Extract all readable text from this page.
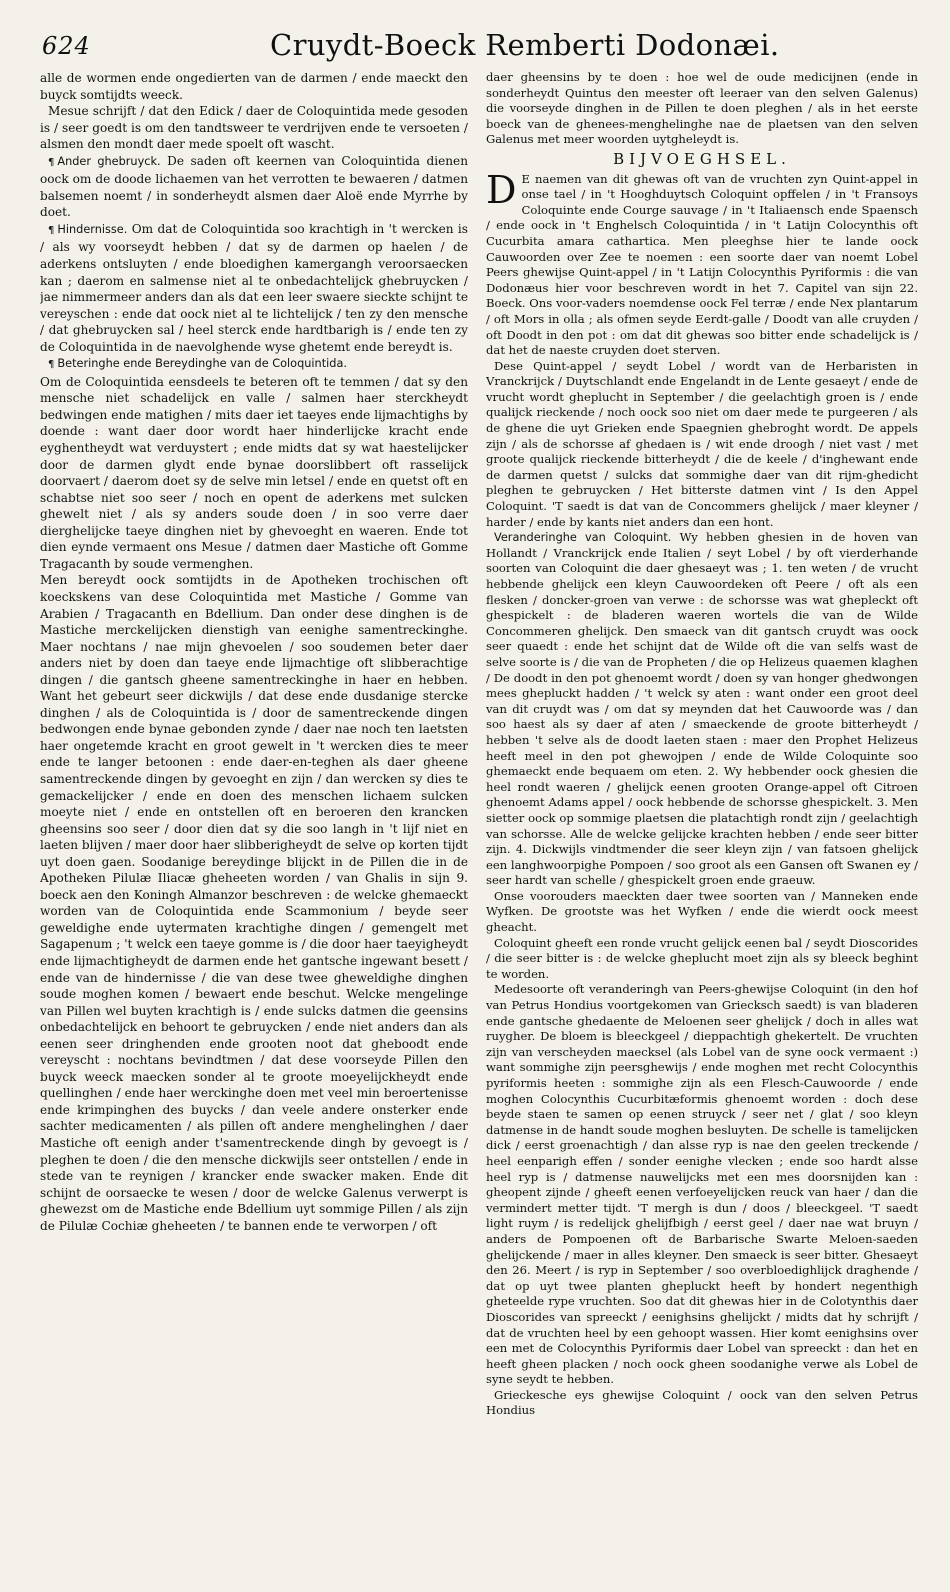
624	Cruydt-Boeck Remberti Dodonæi.

alle de wormen ende ongedierten van de darmen / ende maeckt den buyck somtijdts weeck.

Mesue schrijft / dat den Edick / daer de Coloquintida mede gesoden is / seer goedt is om den tandtsweer te verdrijven ende te versoeten / alsmen den mondt daer mede spoelt oft wascht.

¶ Ander ghebruyck. De saden oft keernen van Coloquintida dienen oock om de doode lichaemen van het verrotten te bewaeren / datmen balsemen noemt / in sonderheydt alsmen daer Aloë ende Myrrhe by doet.

¶ Hindernisse. Om dat de Coloquintida soo krachtigh in 't wercken is / als wy voorseydt hebben / dat sy de darmen op haelen / de aderkens ontsluyten / ende bloedighen kamergangh veroorsaecken kan ; daerom en salmense niet al te onbedachtelijck ghebruycken / jae nimmermeer anders dan als dat een leer swaere sieckte schijnt te vereyschen : ende dat oock niet al te lichtelijck / ten zy den mensche / dat ghebruycken sal / heel sterck ende hardtbarigh is / ende ten zy de Coloquintida in de naevolghende wyse ghetemt ende bereydt is.

¶ Beteringhe ende Bereydinghe van de Coloquintida.

Om de Coloquintida eensdeels te beteren oft te temmen / dat sy den mensche niet schadelijck en valle / salmen haer sterckheydt bedwingen ende matighen / mits daer iet taeyes ende lijmachtighs by doende : want daer door wordt haer hinderlijcke kracht ende eyghentheydt wat verduystert ; ende midts dat sy wat haestelijcker door de darmen glydt ende bynae doorslibbert oft rasselijck doorvaert / daerom doet sy de selve min letsel / ende en quetst oft en schabtse niet soo seer / noch en opent de aderkens met sulcken ghewelt niet / als sy anders soude doen / in soo verre daer dierghelijcke taeye dinghen niet by ghevoeght en waeren. Ende tot dien eynde vermaent ons Mesue / datmen daer Mastiche oft Gomme Tragacanth by soude vermenghen.

Men bereydt oock somtijdts in de Apotheken trochischen oft koeckskens van dese Coloquintida met Mastiche / Gomme van Arabien / Tragacanth en Bdellium. Dan onder dese dinghen is de Mastiche merckelijcken dienstigh van eenighe samentreckinghe. Maer nochtans / nae mijn ghevoelen / soo soudemen beter daer anders niet by doen dan taeye ende lijmachtige oft slibberachtige dingen / die gantsch gheene samentreckinghe in haer en hebben. Want het gebeurt seer dickwijls / dat dese ende dusdanige stercke dinghen / als de Coloquintida is / door de samentreckende dingen bedwongen ende bynae gebonden zynde / daer nae noch ten laetsten haer ongetemde kracht en groot gewelt in 't wercken dies te meer ende te langer betoonen : ende daer-en-teghen als daer gheene samentreckende dingen by gevoeght en zijn / dan wercken sy dies te gemackelijcker / ende en doen des menschen lichaem sulcken moeyte niet / ende en ontstellen oft en beroeren den krancken gheensins soo seer / door dien dat sy die soo langh in 't lijf niet en laeten blijven / maer door haer slibberigheydt de selve op korten tijdt uyt doen gaen. Soodanige bereydinge blijckt in de Pillen die in de Apotheken Pilulæ Iliacæ gheheeten worden / van Ghalis in sijn 9. boeck aen den Koningh Almanzor beschreven : de welcke ghemaeckt worden van de Coloquintida ende Scammonium / beyde seer geweldighe ende uytermaten krachtighe dingen / gemengelt met Sagapenum ; 't welck een taeye gomme is / die door haer taeyigheydt ende lijmachtigheydt de darmen ende het gantsche ingewant besett / ende van de hindernisse / die van dese twee gheweldighe dinghen soude moghen komen / bewaert ende beschut. Welcke mengelinge van Pillen wel buyten krachtigh is / ende sulcks datmen die geensins onbedachtelijck en behoort te gebruycken / ende niet anders dan als eenen seer dringhenden ende grooten noot dat gheboodt ende vereyscht : nochtans bevindtmen / dat dese voorseyde Pillen den buyck weeck maecken sonder al te groote moeyelijckheydt ende quellinghen / ende haer werckinghe doen met veel min beroertenisse ende krimpinghen des buycks / dan veele andere onsterker ende sachter medicamenten / als pillen oft andere menghelinghen / daer Mastiche oft eenigh ander t'samentreckende dingh by gevoegt is / pleghen te doen / die den mensche dickwijls seer ontstellen / ende in stede van te reynigen / krancker ende swacker maken. Ende dit schijnt de oorsaecke te wesen / door de welcke Galenus verwerpt is ghewezst om de Mastiche ende Bdellium uyt sommige Pillen / als zijn de Pilulæ Cochiæ gheheeten / te bannen ende te verworpen / oft

daer gheensins by te doen : hoe wel de oude medicijnen (ende in sonderheydt Quintus den meester oft leeraer van den selven Galenus) die voorseyde dinghen in de Pillen te doen pleghen / als in het eerste boeck van de ghenees-menghelinghe nae de plaetsen van den selven Galenus met meer woorden uytgheleydt is.

BIJVOEGHSEL.

D E naemen van dit ghewas oft van de vruchten zyn Quint-appel in onse tael / in 't Hooghduytsch Coloquint opffelen / in 't Fransoys Coloquinte ende Courge sauvage / in 't Italiaensch ende Spaensch / ende oock in 't Enghelsch Coloquintida / in 't Latijn Colocynthis oft Cucurbita amara cathartica. Men pleeghse hier te lande oock Cauwoorden over Zee te noemen : een soorte daer van noemt Lobel Peers ghewijse Quint-appel / in 't Latijn Colocynthis Pyriformis : die van Dodonæus hier voor beschreven wordt in het 7. Capitel van sijn 22. Boeck. Ons voor-vaders noemdense oock Fel terræ / ende Nex plantarum / oft Mors in olla ; als ofmen seyde Eerdt-galle / Doodt van alle cruyden / oft Doodt in den pot : om dat dit ghewas soo bitter ende schadelijck is / dat het de naeste cruyden doet sterven.

Dese Quint-appel / seydt Lobel / wordt van de Herbaristen in Vranckrijck / Duytschlandt ende Engelandt in de Lente gesaeyt / ende de vrucht wordt gheplucht in September / die geelachtigh groen is / ende qualijck rieckende / noch oock soo niet om daer mede te purgeeren / als de ghene die uyt Grieken ende Spaegnien ghebroght wordt. De appels zijn / als de schorsse af ghedaen is / wit ende droogh / niet vast / met groote qualijck rieckende bitterheydt / die de keele / d'inghewant ende de darmen quetst / sulcks dat sommighe daer van dit rijm-ghedicht pleghen te gebruycken / Het bitterste datmen vint / Is den Appel Coloquint. 'T saedt is dat van de Concommers ghelijck / maer kleyner / harder / ende by kants niet anders dan een hont.

Veranderinghe van Coloquint. Wy hebben ghesien in de hoven van Hollandt / Vranckrijck ende Italien / seyt Lobel / by oft vierderhande soorten van Coloquint die daer ghesaeyt was ; 1. ten weten / de vrucht hebbende ghelijck een kleyn Cauwoordeken oft Peere / oft als een flesken / doncker-groen van verwe : de schorsse was wat ghepleckt oft ghespickelt : de bladeren waeren wortels die van de Wilde Concommeren ghelijck. Den smaeck van dit gantsch cruydt was oock seer quaedt : ende het schijnt dat de Wilde oft die van selfs wast de selve soorte is / die van de Propheten / die op Helizeus quaemen klaghen / De doodt in den pot ghenoemt wordt / doen sy van honger ghedwongen mees ghepluckt hadden / 't welck sy aten : want onder een groot deel van dit cruydt was / om dat sy meynden dat het Cauwoorde was / dan soo haest als sy daer af aten / smaeckende de groote bitterheydt / hebben 't selve als de doodt laeten staen : maer den Prophet Helizeus heeft meel in den pot ghewojpen / ende de Wilde Coloquinte soo ghemaeckt ende bequaem om eten. 2. Wy hebbender oock ghesien die heel rondt waeren / ghelijck eenen grooten Orange-appel oft Citroen ghenoemt Adams appel / oock hebbende de schorsse ghespickelt. 3. Men sietter oock op sommige plaetsen die platachtigh rondt zijn / geelachtigh van schorsse. Alle de welcke gelijcke krachten hebben / ende seer bitter zijn. 4. Dickwijls vindtmender die seer kleyn zijn / van fatsoen ghelijck een langhwoorpighe Pompoen / soo groot als een Gansen oft Swanen ey / seer hardt van schelle / ghespickelt groen ende graeuw.

Onse voorouders maeckten daer twee soorten van / Manneken ende Wyfken. De grootste was het Wyfken / ende die wierdt oock meest gheacht.

Coloquint gheeft een ronde vrucht gelijck eenen bal / seydt Dioscorides / die seer bitter is : de welcke gheplucht moet zijn als sy bleeck beghint te worden.

Medesoorte oft veranderingh van Peers-ghewijse Coloquint (in den hof van Petrus Hondius voortgekomen van Griecksch saedt) is van bladeren ende gantsche ghedaente de Meloenen seer ghelijck / doch in alles wat ruygher. De bloem is bleeckgeel / dieppachtigh ghekertelt. De vruchten zijn van verscheyden maecksel (als Lobel van de syne oock vermaent :) want sommighe zijn peersghewijs / ende moghen met recht Colocynthis pyriformis heeten : sommighe zijn als een Flesch-Cauwoorde / ende moghen Colocynthis Cucurbitæformis ghenoemt worden : doch dese beyde staen te samen op eenen struyck / seer net / glat / soo kleyn datmense in de handt soude moghen besluyten. De schelle is tamelijcken dick / eerst groenachtigh / dan alsse ryp is nae den geelen treckende / heel eenparigh effen / sonder eenighe vlecken ; ende soo hardt alsse heel ryp is / datmense nauwelijcks met een mes doorsnijden kan : gheopent zijnde / gheeft eenen verfoeyelijcken reuck van haer / dan die vermindert metter tijdt. 'T mergh is dun / doos / bleeckgeel. 'T saedt light ruym / is redelijck ghelijfbigh / eerst geel / daer nae wat bruyn / anders de Pompoenen oft de Barbarische Swarte Meloen-saeden ghelijckende / maer in alles kleyner. Den smaeck is seer bitter. Ghesaeyt den 26. Meert / is ryp in September / soo overbloedighlijck draghende / dat op uyt twee planten ghepluckt heeft by hondert negenthigh gheteelde rype vruchten. Soo dat dit ghewas hier in de Colotynthis daer Dioscorides van spreeckt / eenighsins ghelijckt / midts dat hy schrijft / dat de vruchten heel by een gehoopt wassen. Hier komt eenighsins over een met de Colocynthis Pyriformis daer Lobel van spreeckt : dan het en heeft gheen placken / noch oock gheen soodanighe verwe als Lobel de syne seydt te hebben.

Grieckesche eys ghewijse Coloquint / oock van den selven Petrus Hondius
